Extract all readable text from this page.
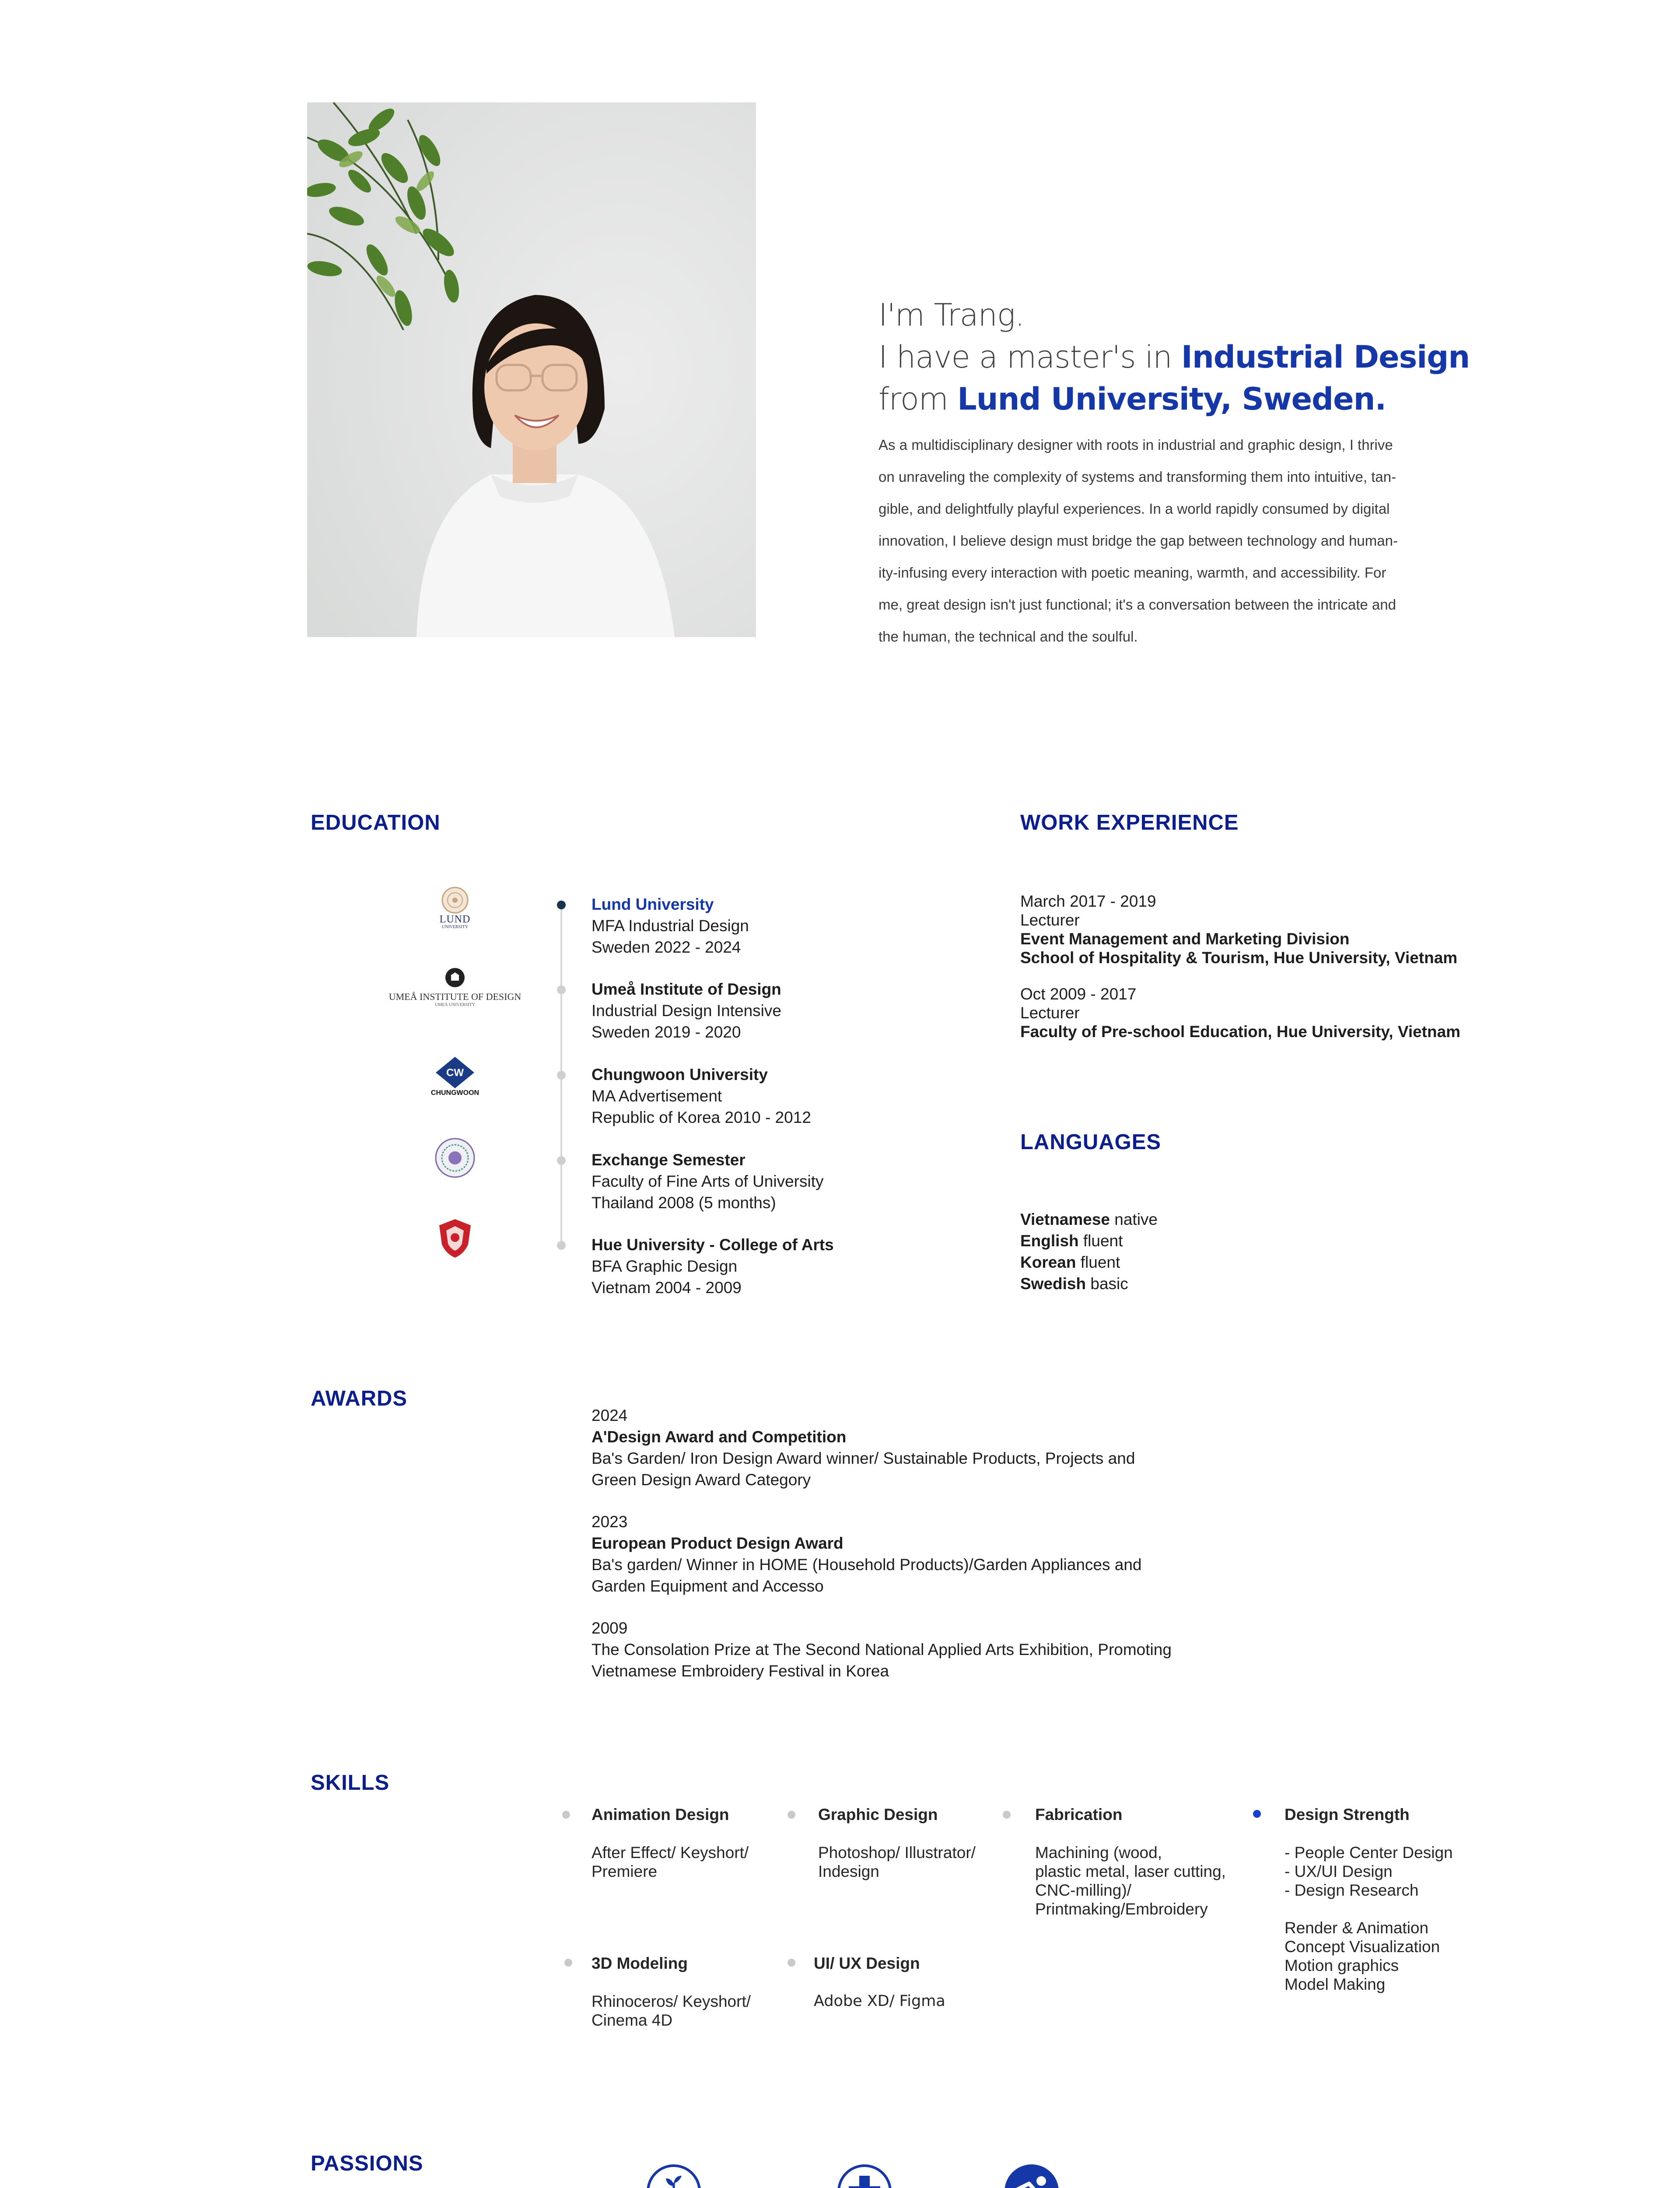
I'm Trang.
I have a master's in Industrial Design
from Lund University, Sweden.
As a multidisciplinary designer with roots in industrial and graphic design, I thrive
on unraveling the complexity of systems and transforming them into intuitive, tan-
gible, and delightfully playful experiences. In a world rapidly consumed by digital
innovation, I believe design must bridge the gap between technology and human-
ity-infusing every interaction with poetic meaning, warmth, and accessibility. For
me, great design isn't just functional; it's a conversation between the intricate and
the human, the technical and the soulful.
EDUCATION
LUND
UNIVERSITY
UMEÅ INSTITUTE OF DESIGN
UMEÅ UNIVERSITY
CW
CHUNGWOON
Lund University
MFA Industrial Design
Sweden 2022 - 2024
Umeå Institute of Design
Industrial Design Intensive
Sweden 2019 - 2020
Chungwoon University
MA Advertisement
Republic of Korea 2010 - 2012
Exchange Semester
Faculty of Fine Arts of University
Thailand 2008 (5 months)
Hue University - College of Arts
BFA Graphic Design
Vietnam 2004 - 2009
WORK EXPERIENCE
March 2017 - 2019
Lecturer
Event Management and Marketing Division
School of Hospitality & Tourism, Hue University, Vietnam
Oct 2009 - 2017
Lecturer
Faculty of Pre-school Education, Hue University, Vietnam
LANGUAGES
Vietnamese native
English fluent
Korean fluent
Swedish basic
AWARDS
2024
A'Design Award and Competition
Ba's Garden/ Iron Design Award winner/ Sustainable Products, Projects and
Green Design Award Category
2023
European Product Design Award
Ba's garden/ Winner in HOME (Household Products)/Garden Appliances and
Garden Equipment and Accesso
2009
The Consolation Prize at The Second National Applied Arts Exhibition, Promoting
Vietnamese Embroidery Festival in Korea
SKILLS
Animation Design
After Effect/ Keyshort/
Premiere
Graphic Design
Photoshop/ Illustrator/
Indesign
Fabrication
Machining (wood,
plastic metal, laser cutting,
CNC-milling)/
Printmaking/Embroidery
Design Strength
- People Center Design
- UX/UI Design
- Design Research
Render & Animation
Concept Visualization
Motion graphics
Model Making
3D Modeling
Rhinoceros/ Keyshort/
Cinema 4D
UI/ UX Design
Adobe XD/ Figma
PASSIONS
